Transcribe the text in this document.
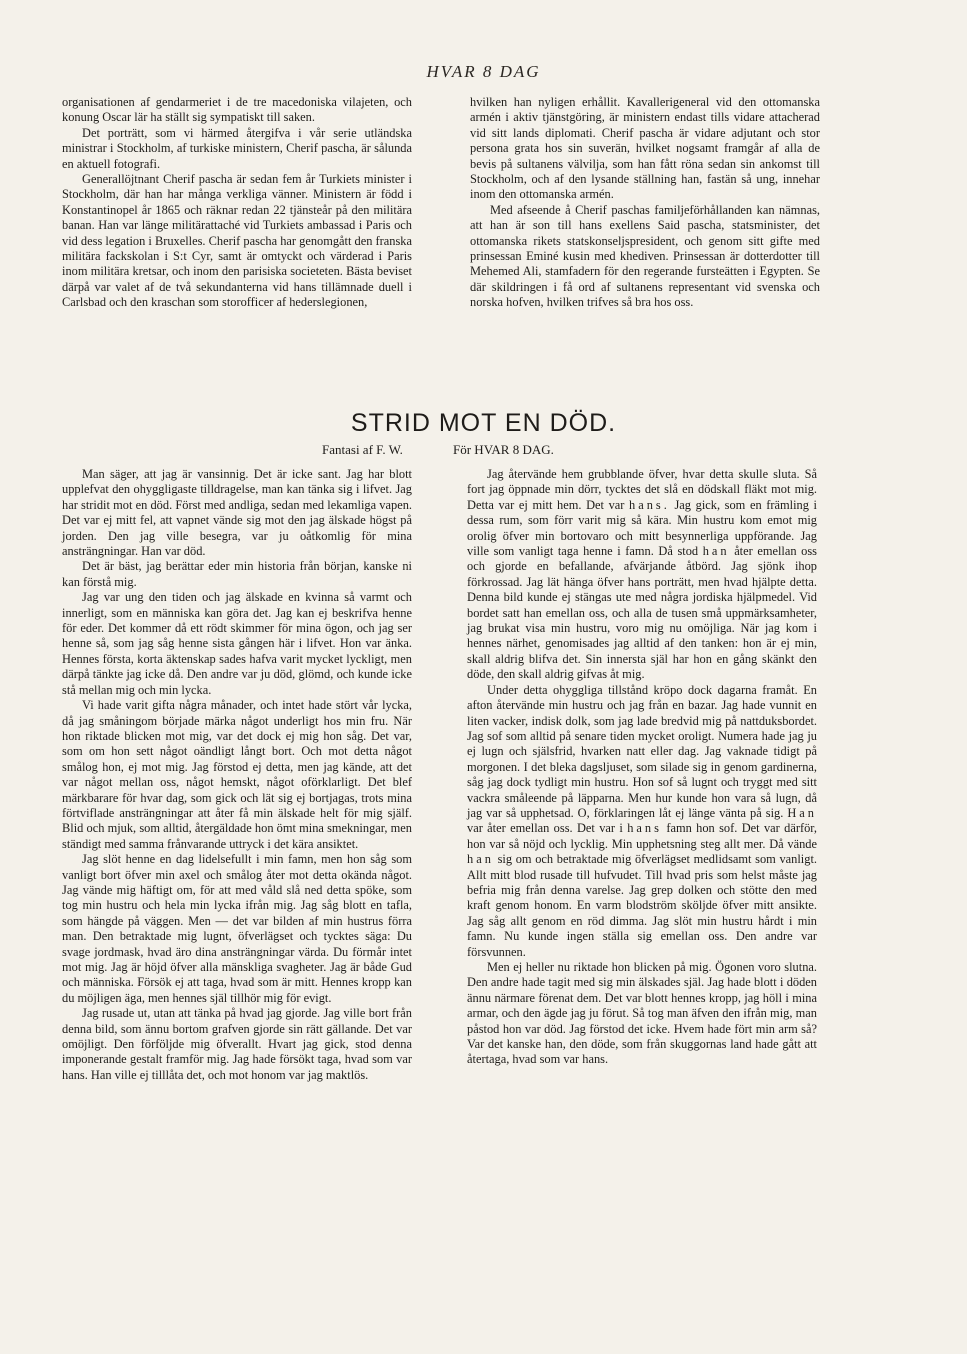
HVAR 8 DAG

organisationen af gendarmeriet i de tre macedoniska vilajeten, och konung Oscar lär ha ställt sig sympatiskt till saken.

Det porträtt, som vi härmed återgifva i vår serie utländska ministrar i Stockholm, af turkiske ministern, Cherif pascha, är sålunda en aktuell fotografi.

Generallöjtnant Cherif pascha är sedan fem år Turkiets minister i Stockholm, där han har många verkliga vänner. Ministern är född i Konstantinopel år 1865 och räknar redan 22 tjänsteår på den militära banan. Han var länge militärattaché vid Turkiets ambassad i Paris och vid dess legation i Bruxelles. Cherif pascha har genomgått den franska militära fackskolan i S:t Cyr, samt är omtyckt och värderad i Paris inom militära kretsar, och inom den parisiska societeten. Bästa beviset därpå var valet af de två sekundanterna vid hans tillämnade duell i Carlsbad och den kraschan som storofficer af hederslegionen,

hvilken han nyligen erhållit. Kavallerigeneral vid den ottomanska armén i aktiv tjänstgöring, är ministern endast tills vidare attacherad vid sitt lands diplomati. Cherif pascha är vidare adjutant och stor persona grata hos sin suverän, hvilket nogsamt framgår af alla de bevis på sultanens välvilja, som han fått röna sedan sin ankomst till Stockholm, och af den lysande ställning han, fastän så ung, innehar inom den ottomanska armén.

Med afseende å Cherif paschas familjeförhållanden kan nämnas, att han är son till hans exellens Said pascha, statsminister, det ottomanska rikets statskonseljspresident, och genom sitt gifte med prinsessan Eminé kusin med khediven. Prinsessan är dotterdotter till Mehemed Ali, stamfadern för den regerande fursteätten i Egypten. Se där skildringen i få ord af sultanens representant vid svenska och norska hofven, hvilken trifves så bra hos oss.

STRID MOT EN DÖD.
Fantasi af F. W.	För HVAR 8 DAG.

Man säger, att jag är vansinnig. Det är icke sant. Jag har blott upplefvat den ohyggligaste tilldragelse, man kan tänka sig i lifvet. Jag har stridit mot en död. Först med andliga, sedan med lekamliga vapen. Det var ej mitt fel, att vapnet vände sig mot den jag älskade högst på jorden. Den jag ville besegra, var ju oåtkomlig för mina ansträngningar. Han var död.

Det är bäst, jag berättar eder min historia från början, kanske ni kan förstå mig.

Jag var ung den tiden och jag älskade en kvinna så varmt och innerligt, som en människa kan göra det. Jag kan ej beskrifva henne för eder. Det kommer då ett rödt skimmer för mina ögon, och jag ser henne så, som jag såg henne sista gången här i lifvet. Hon var änka. Hennes första, korta äktenskap sades hafva varit mycket lyckligt, men därpå tänkte jag icke då. Den andre var ju död, glömd, och kunde icke stå mellan mig och min lycka.

Vi hade varit gifta några månader, och intet hade stört vår lycka, då jag småningom började märka något underligt hos min fru. När hon riktade blicken mot mig, var det dock ej mig hon såg. Det var, som om hon sett något oändligt långt bort. Och mot detta något smålog hon, ej mot mig. Jag förstod ej detta, men jag kände, att det var något mellan oss, något hemskt, något oförklarligt. Det blef märkbarare för hvar dag, som gick och lät sig ej bortjagas, trots mina förtviflade ansträngningar att åter få min älskade helt för mig själf. Blid och mjuk, som alltid, återgäldade hon ömt mina smekningar, men ständigt med samma frånvarande uttryck i det kära ansiktet.

Jag slöt henne en dag lidelsefullt i min famn, men hon såg som vanligt bort öfver min axel och smålog åter mot detta okända något. Jag vände mig häftigt om, för att med våld slå ned detta spöke, som tog min hustru och hela min lycka ifrån mig. Jag såg blott en tafla, som hängde på väggen. Men — det var bilden af min hustrus förra man. Den betraktade mig lugnt, öfverlägset och tycktes säga: Du svage jordmask, hvad äro dina ansträngningar värda. Du förmår intet mot mig. Jag är höjd öfver alla mänskliga svagheter. Jag är både Gud och människa. Försök ej att taga, hvad som är mitt. Hennes kropp kan du möjligen äga, men hennes själ tillhör mig för evigt.

Jag rusade ut, utan att tänka på hvad jag gjorde. Jag ville bort från denna bild, som ännu bortom grafven gjorde sin rätt gällande. Det var omöjligt. Den förföljde mig öfverallt. Hvart jag gick, stod denna imponerande gestalt framför mig. Jag hade försökt taga, hvad som var hans. Han ville ej tilllåta det, och mot honom var jag maktlös.

Jag återvände hem grubblande öfver, hvar detta skulle sluta. Så fort jag öppnade min dörr, tycktes det slå en dödskall fläkt mot mig. Detta var ej mitt hem. Det var hans. Jag gick, som en främling i dessa rum, som förr varit mig så kära. Min hustru kom emot mig orolig öfver min bortovaro och mitt besynnerliga uppförande. Jag ville som vanligt taga henne i famn. Då stod han åter emellan oss och gjorde en befallande, afvärjande åtbörd. Jag sjönk ihop förkrossad. Jag lät hänga öfver hans porträtt, men hvad hjälpte detta. Denna bild kunde ej stängas ute med några jordiska hjälpmedel. Vid bordet satt han emellan oss, och alla de tusen små uppmärksamheter, jag brukat visa min hustru, voro mig nu omöjliga. När jag kom i hennes närhet, genomisades jag alltid af den tanken: hon är ej min, skall aldrig blifva det. Sin innersta själ har hon en gång skänkt den döde, den skall aldrig gifvas åt mig.

Under detta ohyggliga tillstånd kröpo dock dagarna framåt. En afton återvände min hustru och jag från en bazar. Jag hade vunnit en liten vacker, indisk dolk, som jag lade bredvid mig på nattduksbordet. Jag sof som alltid på senare tiden mycket oroligt. Numera hade jag ju ej lugn och själsfrid, hvarken natt eller dag. Jag vaknade tidigt på morgonen. I det bleka dagsljuset, som silade sig in genom gardinerna, såg jag dock tydligt min hustru. Hon sof så lugnt och tryggt med sitt vackra småleende på läpparna. Men hur kunde hon vara så lugn, då jag var så upphetsad. O, förklaringen låt ej länge vänta på sig. Han var åter emellan oss. Det var i hans famn hon sof. Det var därför, hon var så nöjd och lycklig. Min upphetsning steg allt mer. Då vände han sig om och betraktade mig öfverlägset medlidsamt som vanligt. Allt mitt blod rusade till hufvudet. Till hvad pris som helst måste jag befria mig från denna varelse. Jag grep dolken och stötte den med kraft genom honom. En varm blodström sköljde öfver mitt ansikte. Jag såg allt genom en röd dimma. Jag slöt min hustru hårdt i min famn. Nu kunde ingen ställa sig emellan oss. Den andre var försvunnen.

Men ej heller nu riktade hon blicken på mig. Ögonen voro slutna. Den andre hade tagit med sig min älskades själ. Jag hade blott i döden ännu närmare förenat dem. Det var blott hennes kropp, jag höll i mina armar, och den ägde jag ju förut. Så tog man äfven den ifrån mig, man påstod hon var död. Jag förstod det icke. Hvem hade fört min arm så? Var det kanske han, den döde, som från skuggornas land hade gått att återtaga, hvad som var hans.
